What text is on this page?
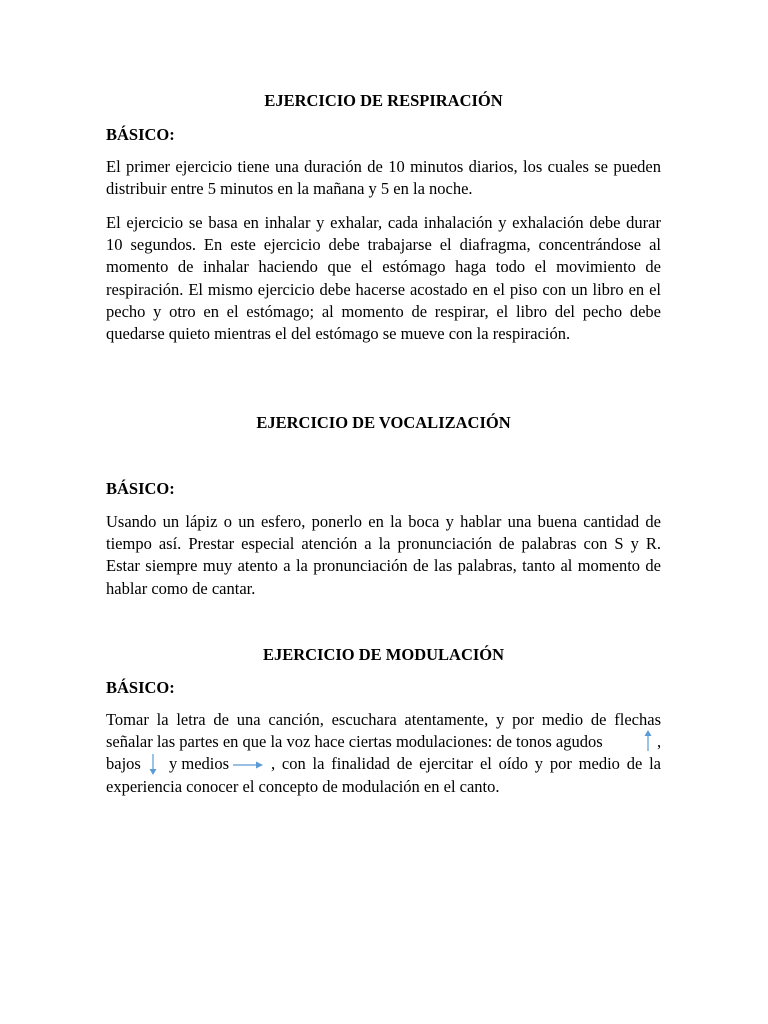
EJERCICIO DE RESPIRACIÓN
BÁSICO:

El primer ejercicio tiene una duración de 10 minutos diarios, los cuales se pueden distribuir entre 5 minutos en la mañana y 5 en la noche.

El ejercicio se basa en inhalar y exhalar, cada inhalación y exhalación debe durar 10 segundos. En este ejercicio debe trabajarse el diafragma, concentrándose al momento de inhalar haciendo que el estómago haga todo el movimiento de respiración. El mismo ejercicio debe hacerse acostado en el piso con un libro en el pecho y otro en el estómago; al momento de respirar, el libro del pecho debe quedarse quieto mientras el del estómago se mueve con la respiración.

EJERCICIO DE VOCALIZACIÓN
BÁSICO:

Usando un lápiz o un esfero, ponerlo en la boca y hablar una buena cantidad de tiempo así. Prestar especial atención a la pronunciación de palabras con S y R. Estar siempre muy atento a la pronunciación de las palabras, tanto al momento de hablar como de cantar.

EJERCICIO DE MODULACIÓN
BÁSICO:
Tomar la letra de una canción, escuchara atentamente, y por medio de flechas
señalar las partes en que la voz hace ciertas modulaciones: de tonos agudos	,
bajos y medios	, con la finalidad de ejercitar el oído y por medio de la
experiencia conocer el concepto de modulación en el canto.
